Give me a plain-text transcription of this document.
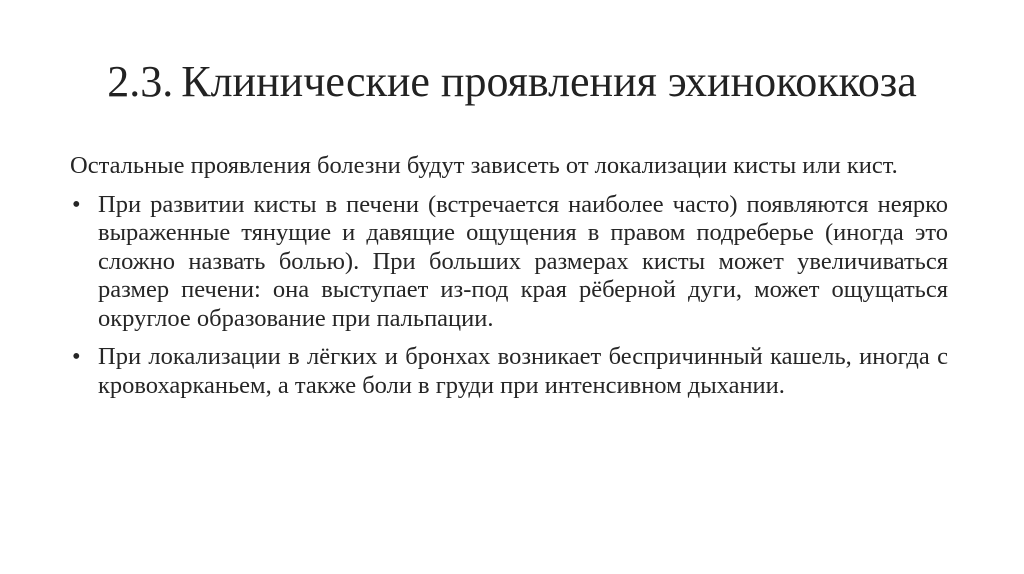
2.3. Клинические проявления эхинококкоза

Остальные проявления болезни будут зависеть от локализации кисты или кист.

• При развитии кисты в печени (встречается наиболее часто) появляются неярко выраженные тянущие и давящие ощущения в правом подреберье (иногда это сложно назвать болью). При больших размерах кисты может увеличиваться размер печени: она выступает из-под края рёберной дуги, может ощущаться округлое образование при пальпации.
• При локализации в лёгких и бронхах возникает беспричинный кашель, иногда с кровохарканьем, а также боли в груди при интенсивном дыхании.
